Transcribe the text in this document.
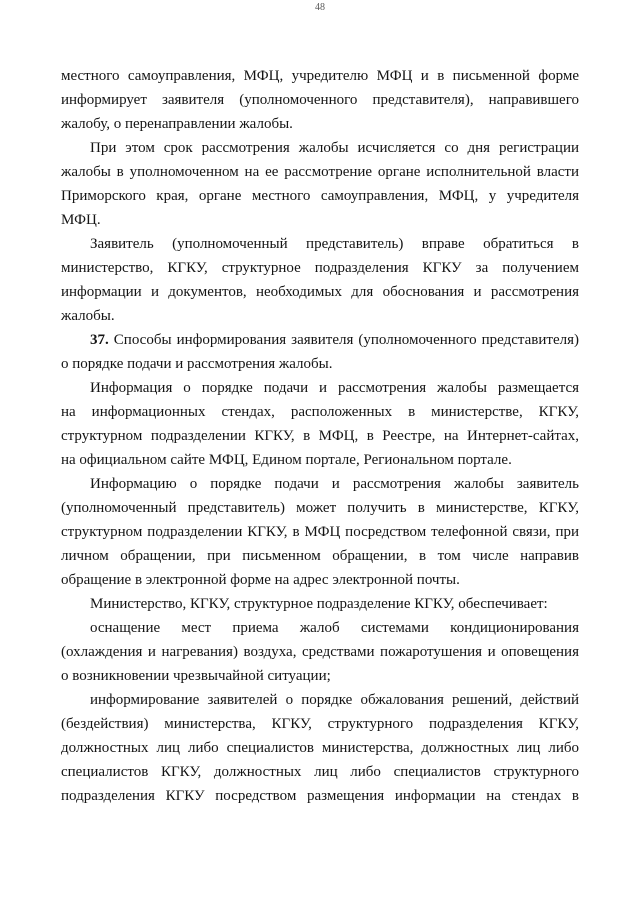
48

местного самоуправления, МФЦ, учредителю МФЦ и в письменной форме
информирует заявителя (уполномоченного представителя), направившего
жалобу, о перенаправлении жалобы.

При этом срок рассмотрения жалобы исчисляется со дня регистрации
жалобы в уполномоченном на ее рассмотрение органе исполнительной власти
Приморского края, органе местного самоуправления, МФЦ, у учредителя
МФЦ.

Заявитель (уполномоченный представитель) вправе обратиться в
министерство, КГКУ, структурное подразделения КГКУ за получением
информации и документов, необходимых для обоснования и рассмотрения
жалобы.

37. Способы информирования заявителя (уполномоченного представителя)
о порядке подачи и рассмотрения жалобы.

Информация о порядке подачи и рассмотрения жалобы размещается
на информационных стендах, расположенных в министерстве, КГКУ,
структурном подразделении КГКУ, в МФЦ, в Реестре, на Интернет-сайтах,
на официальном сайте МФЦ, Едином портале, Региональном портале.

Информацию о порядке подачи и рассмотрения жалобы заявитель
(уполномоченный представитель) может получить в министерстве, КГКУ,
структурном подразделении КГКУ, в МФЦ посредством телефонной связи, при
личном обращении, при письменном обращении, в том числе направив
обращение в электронной форме на адрес электронной почты.

Министерство, КГКУ, структурное подразделение КГКУ, обеспечивает:

оснащение мест приема жалоб системами кондиционирования
(охлаждения и нагревания) воздуха, средствами пожаротушения и оповещения
о возникновении чрезвычайной ситуации;

информирование заявителей о порядке обжалования решений, действий
(бездействия) министерства, КГКУ, структурного подразделения КГКУ,
должностных лиц либо специалистов министерства, должностных лиц либо
специалистов КГКУ, должностных лиц либо специалистов структурного
подразделения КГКУ посредством размещения информации на стендах в
